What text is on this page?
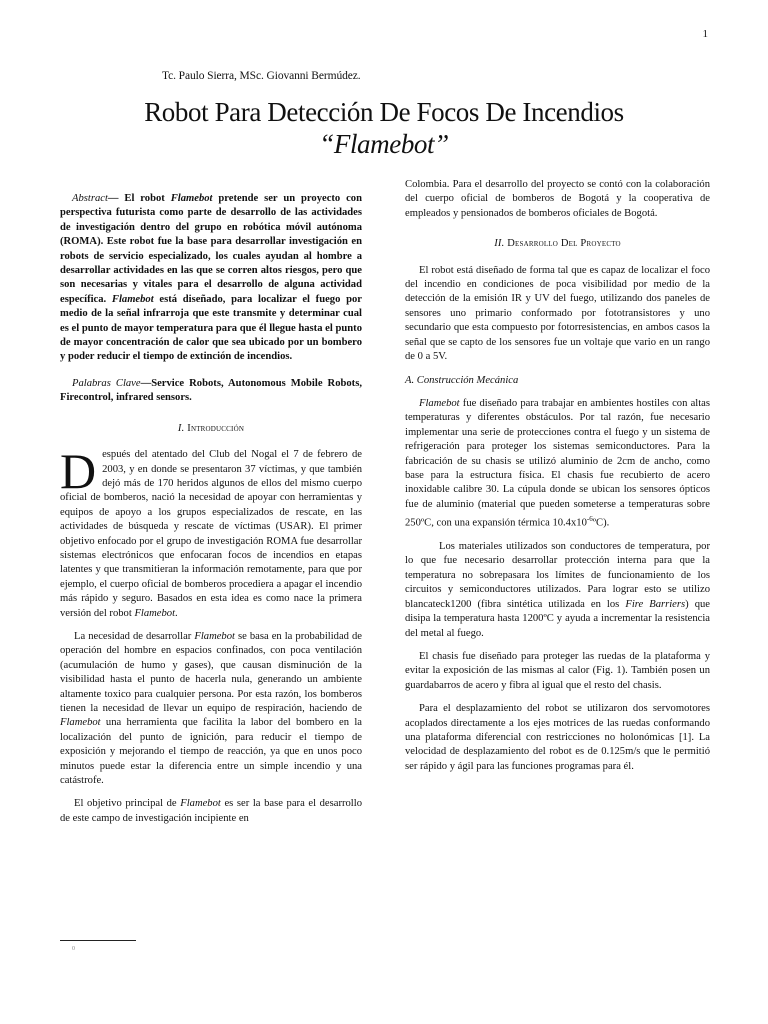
1
Tc. Paulo Sierra, MSc. Giovanni Bermúdez.
Robot Para Detección De Focos De Incendios
“Flamebot”

Abstract— El robot Flamebot pretende ser un proyecto con perspectiva futurista como parte de desarrollo de las actividades de investigación dentro del grupo en robótica móvil autónoma (ROMA). Este robot fue la base para desarrollar investigación en robots de servicio especializado, los cuales ayudan al hombre a desarrollar actividades en las que se corren altos riesgos, pero que son necesarias y vitales para el desarrollo de alguna actividad específica. Flamebot está diseñado, para localizar el fuego por medio de la señal infrarroja que este transmite y determinar cual es el punto de mayor temperatura para que él llegue hasta el punto de mayor concentración de calor que sea ubicado por un bombero y poder reducir el tiempo de extinción de incendios.

Palabras Clave—Service Robots, Autonomous Mobile Robots, Firecontrol, infrared sensors.

I. Introducción

Después del atentado del Club del Nogal el 7 de febrero de 2003, y en donde se presentaron 37 víctimas, y que también dejó más de 170 heridos algunos de ellos del mismo cuerpo oficial de bomberos, nació la necesidad de apoyar con herramientas y equipos de apoyo a los grupos especializados de rescate, en las actividades de búsqueda y rescate de víctimas (USAR). El primer objetivo enfocado por el grupo de investigación ROMA fue desarrollar sistemas electrónicos que enfocaran focos de incendios en etapas latentes y que transmitieran la información remotamente, para que por ejemplo, el cuerpo oficial de bomberos procediera a apagar el incendio más rápido y seguro. Basados en esta idea es como nace la primera versión del robot Flamebot.

La necesidad de desarrollar Flamebot se basa en la probabilidad de operación del hombre en espacios confinados, con poca ventilación (acumulación de humo y gases), que causan disminución de la visibilidad hasta el punto de hacerla nula, generando un ambiente altamente toxico para cualquier persona. Por esta razón, los bomberos tienen la necesidad de llevar un equipo de respiración, haciendo de Flamebot una herramienta que facilita la labor del bombero en la localización del punto de ignición, para reducir el tiempo de exposición y mejorando el tiempo de reacción, ya que en unos poco minutos puede estar la diferencia entre un simple incendio y una catástrofe.

El objetivo principal de Flamebot es ser la base para el desarrollo de este campo de investigación incipiente en

Colombia. Para el desarrollo del proyecto se contó con la colaboración del cuerpo oficial de bomberos de Bogotá y la cooperativa de empleados y pensionados de bomberos oficiales de Bogotá.

II. Desarrollo Del Proyecto

El robot está diseñado de forma tal que es capaz de localizar el foco del incendio en condiciones de poca visibilidad por medio de la detección de la emisión IR y UV del fuego, utilizando dos paneles de sensores uno primario conformado por fototransistores y uno secundario que esta compuesto por fotorresistencias, en ambos casos la señal que se capto de los sensores fue un voltaje que vario en un rango de 0 a 5V.

A. Construcción Mecánica

Flamebot fue diseñado para trabajar en ambientes hostiles con altas temperaturas y diferentes obstáculos. Por tal razón, fue necesario implementar una serie de protecciones contra el fuego y un sistema de refrigeración para proteger los sistemas semiconductores. Para la fabricación de su chasis se utilizó aluminio de 2cm de ancho, como base para la estructura física. El chasis fue recubierto de acero inoxidable calibre 30. La cúpula donde se ubican los sensores ópticos fue de aluminio (material que pueden someterse a temperaturas sobre 250ºC, con una expansión térmica $10.4x10^{-6}ºC$).

Los materiales utilizados son conductores de temperatura, por lo que fue necesario desarrollar protección interna para que la temperatura no sobrepasara los límites de funcionamiento de los circuitos y semiconductores utilizados. Para lograr esto se utilizo blancateck1200 (fibra sintética utilizada en los Fire Barriers) que disipa la temperatura hasta 1200ºC y ayuda a incrementar la resistencia del metal al fuego.

El chasis fue diseñado para proteger las ruedas de la plataforma y evitar la exposición de las mismas al calor (Fig. 1). También posen un guardabarros de acero y fibra al igual que el resto del chasis.

Para el desplazamiento del robot se utilizaron dos servomotores acoplados directamente a los ejes motrices de las ruedas conformando una plataforma diferencial con restricciones no holonómicas [1]. La velocidad de desplazamiento del robot es de 0.125m/s que le permitió ser rápido y ágil para las funciones programas para él.

0
